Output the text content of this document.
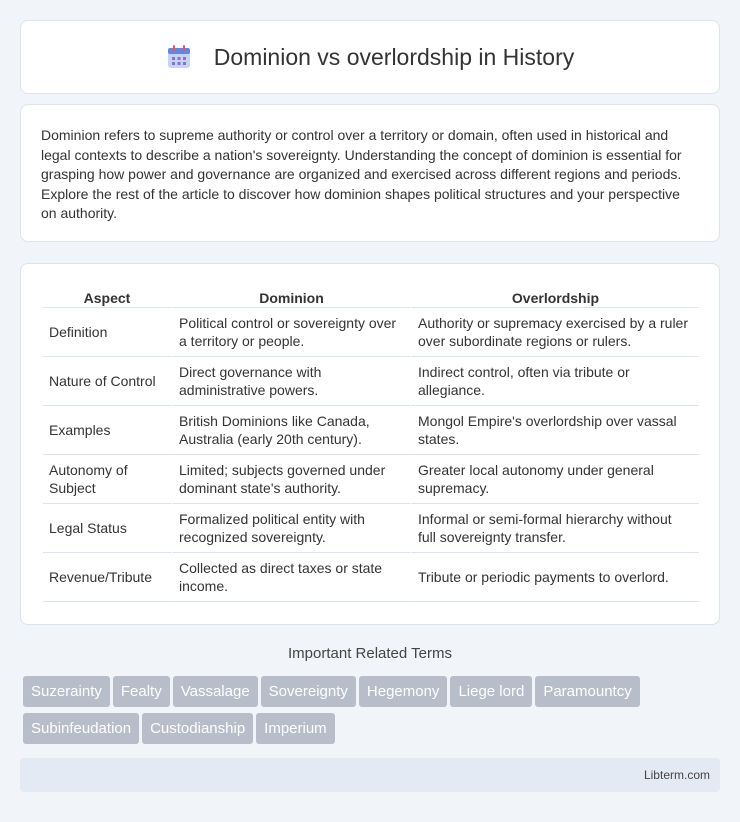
Dominion vs overlordship in History

Dominion refers to supreme authority or control over a territory or domain, often used in historical and legal contexts to describe a nation's sovereignty. Understanding the concept of dominion is essential for grasping how power and governance are organized and exercised across different regions and periods. Explore the rest of the article to discover how dominion shapes political structures and your perspective on authority.

Aspect	Dominion	Overlordship
Definition	Political control or sovereignty over a territory or people.	Authority or supremacy exercised by a ruler over subordinate regions or rulers.
Nature of Control	Direct governance with administrative powers.	Indirect control, often via tribute or allegiance.
Examples	British Dominions like Canada, Australia (early 20th century).	Mongol Empire's overlordship over vassal states.
Autonomy of Subject	Limited; subjects governed under dominant state's authority.	Greater local autonomy under general supremacy.
Legal Status	Formalized political entity with recognized sovereignty.	Informal or semi-formal hierarchy without full sovereignty transfer.
Revenue/Tribute	Collected as direct taxes or state income.	Tribute or periodic payments to overlord.
Important Related Terms
Suzerainty Fealty Vassalage Sovereignty Hegemony Liege lord ParamountcySubinfeudation Custodianship Imperium
Libterm.com
